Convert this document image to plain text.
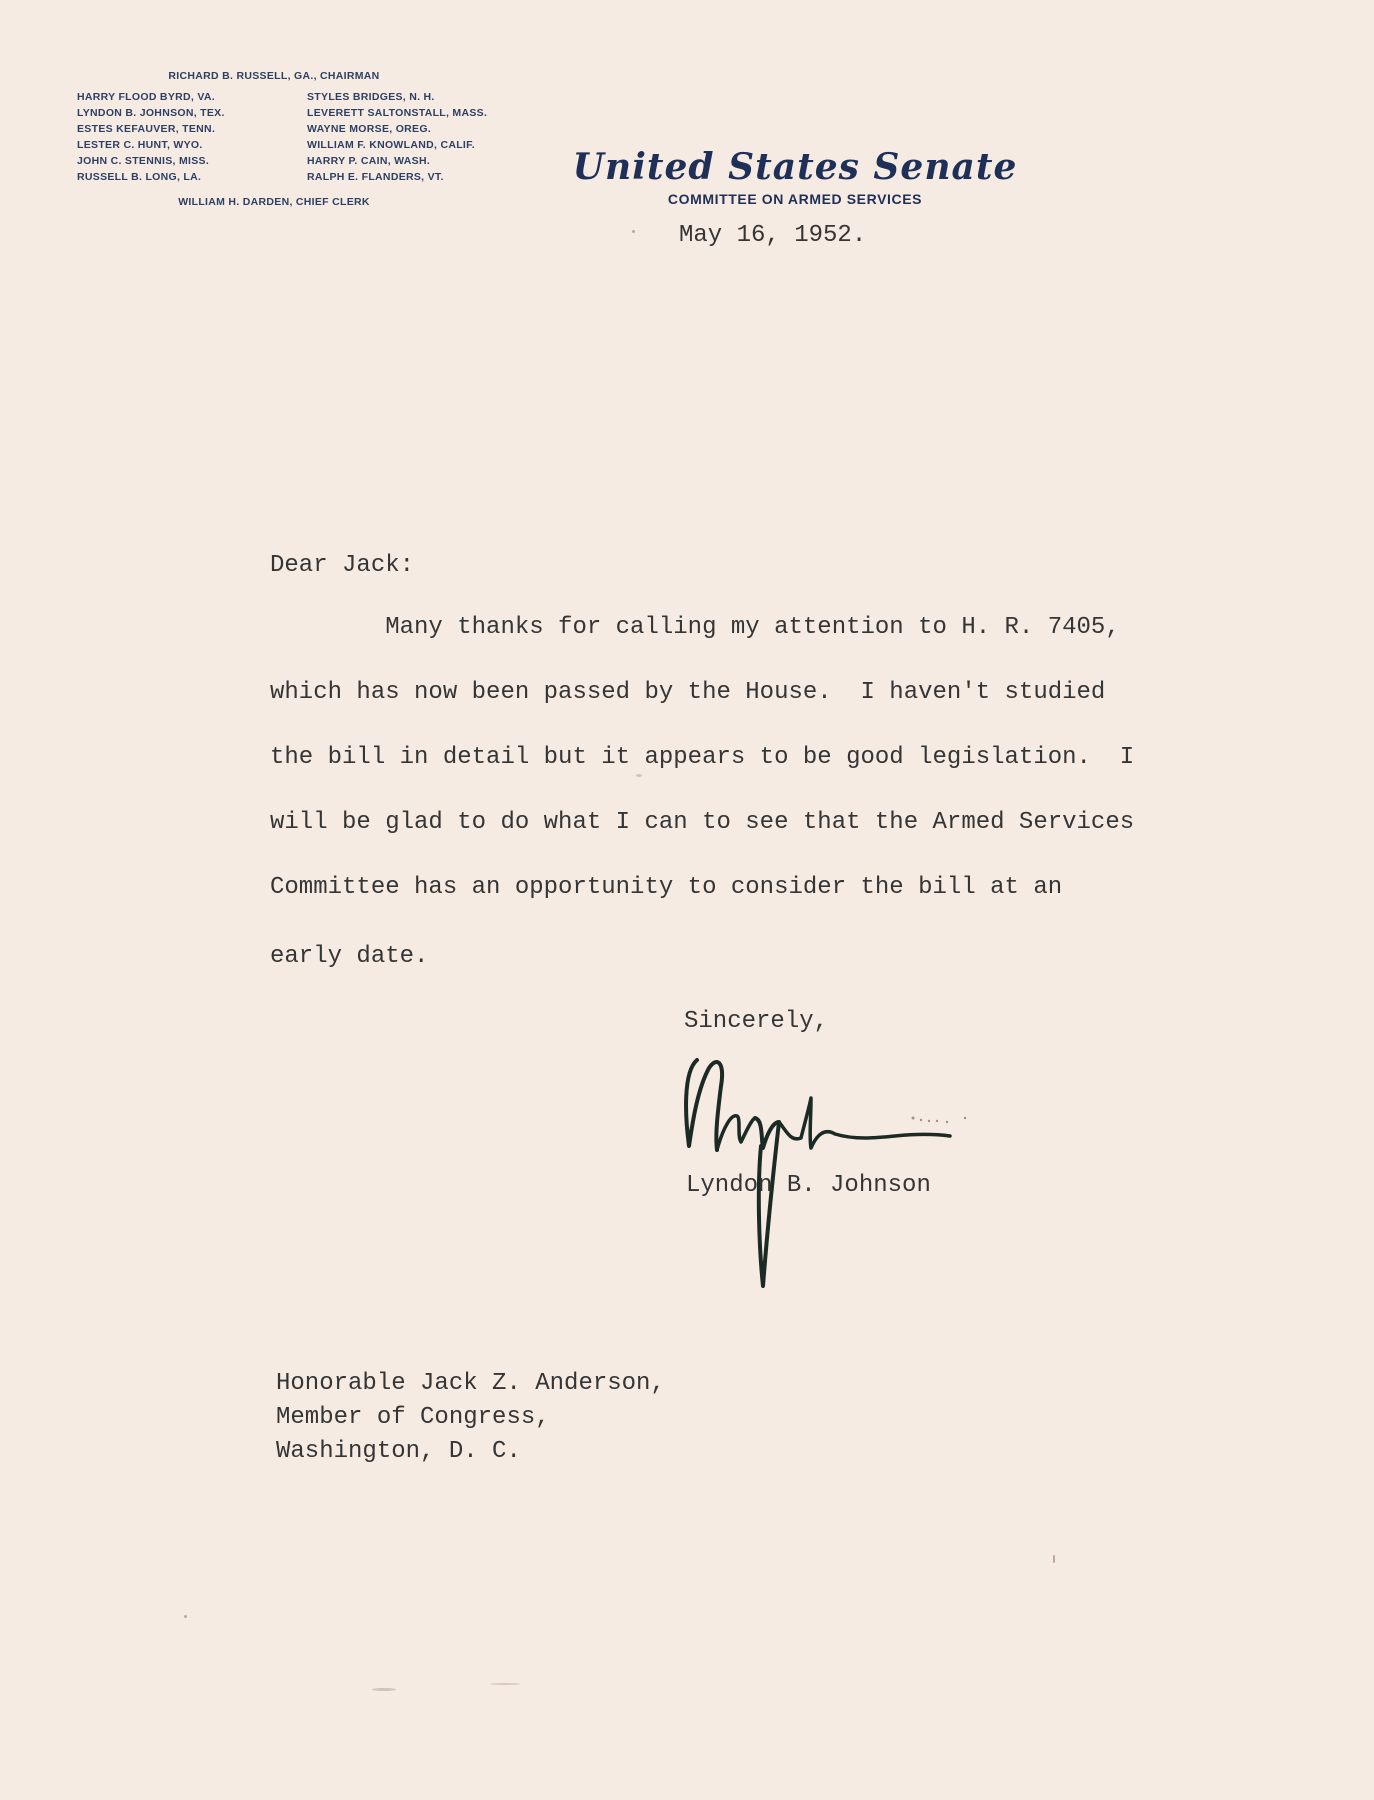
RICHARD B. RUSSELL, GA., CHAIRMAN
HARRY FLOOD BYRD, VA.
LYNDON B. JOHNSON, TEX.
ESTES KEFAUVER, TENN.
LESTER C. HUNT, WYO.
JOHN C. STENNIS, MISS.
RUSSELL B. LONG, LA.
STYLES BRIDGES, N. H.
LEVERETT SALTONSTALL, MASS.
WAYNE MORSE, OREG.
WILLIAM F. KNOWLAND, CALIF.
HARRY P. CAIN, WASH.
RALPH E. FLANDERS, VT.
WILLIAM H. DARDEN, CHIEF CLERK
United States Senate
COMMITTEE ON ARMED SERVICES
May 16, 1952.
Dear Jack:
Many thanks for calling my attention to H. R. 7405,
which has now been passed by the House.  I haven't studied
the bill in detail but it appears to be good legislation.  I
will be glad to do what I can to see that the Armed Services
Committee has an opportunity to consider the bill at an
early date.
Sincerely,
Lyndon B. Johnson
Honorable Jack Z. Anderson,
Member of Congress,
Washington, D. C.
